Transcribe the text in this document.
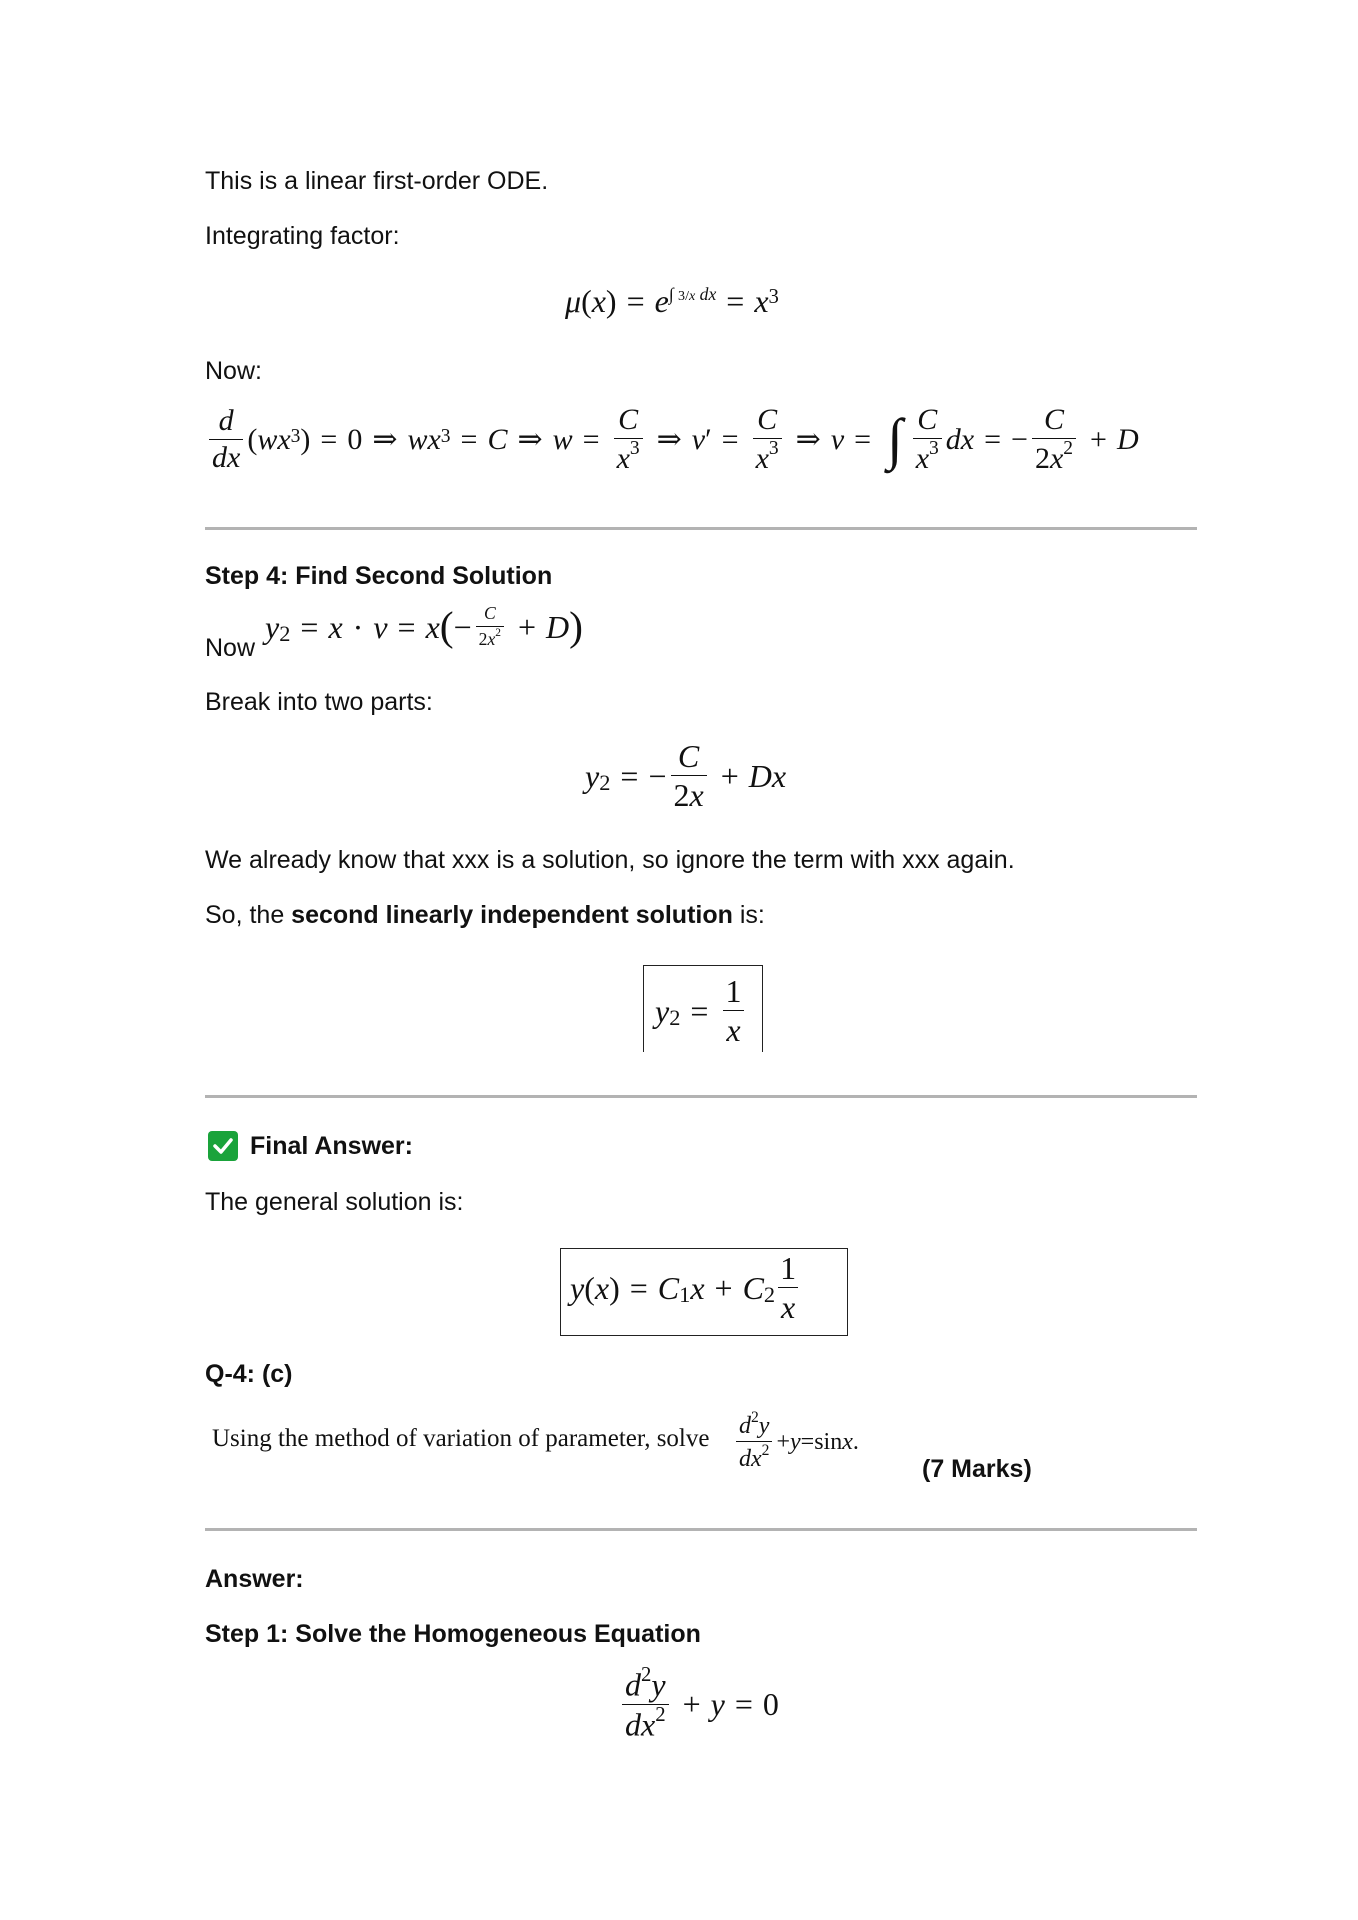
This is a linear first-order ODE.
Integrating factor:
μ ( x ) = e ∫ 3/x dx = x 3
Now:
$\frac{d}{dx}$ ( wx 3 ) = 0 ⇒ wx 3 = C ⇒ $w = \frac{C}{x^3}$ ⇒ v ′ = $\frac{C}{x^3}$ ⇒ v = ∫ $\frac{C}{x^3}$ dx = − $\frac{C}{2x^2} + D$
Step 4: Find Second Solution
Now
y 2 = x · v = x ( − $\frac{C}{2x^2} + D$ )
Break into two parts:
y 2 = − $\frac{C}{2x} + Dx$
We already know that xxx is a solution, so ignore the term with xxx again.
So, the second linearly independent solution is:
y $2 = \frac{1}{x}$
Final Answer:
The general solution is:
y ( x ) = C 1 x + C $2 \frac{1}{x}$
Q-4: (c)
Using the method of variation of parameter, solve $\frac{d^2y}{dx^2} + y =\sin$ x .
(7 Marks)
Answer:
Step 1: Solve the Homogeneous Equation
$\frac{d^2y}{dx^2} + y = 0$
